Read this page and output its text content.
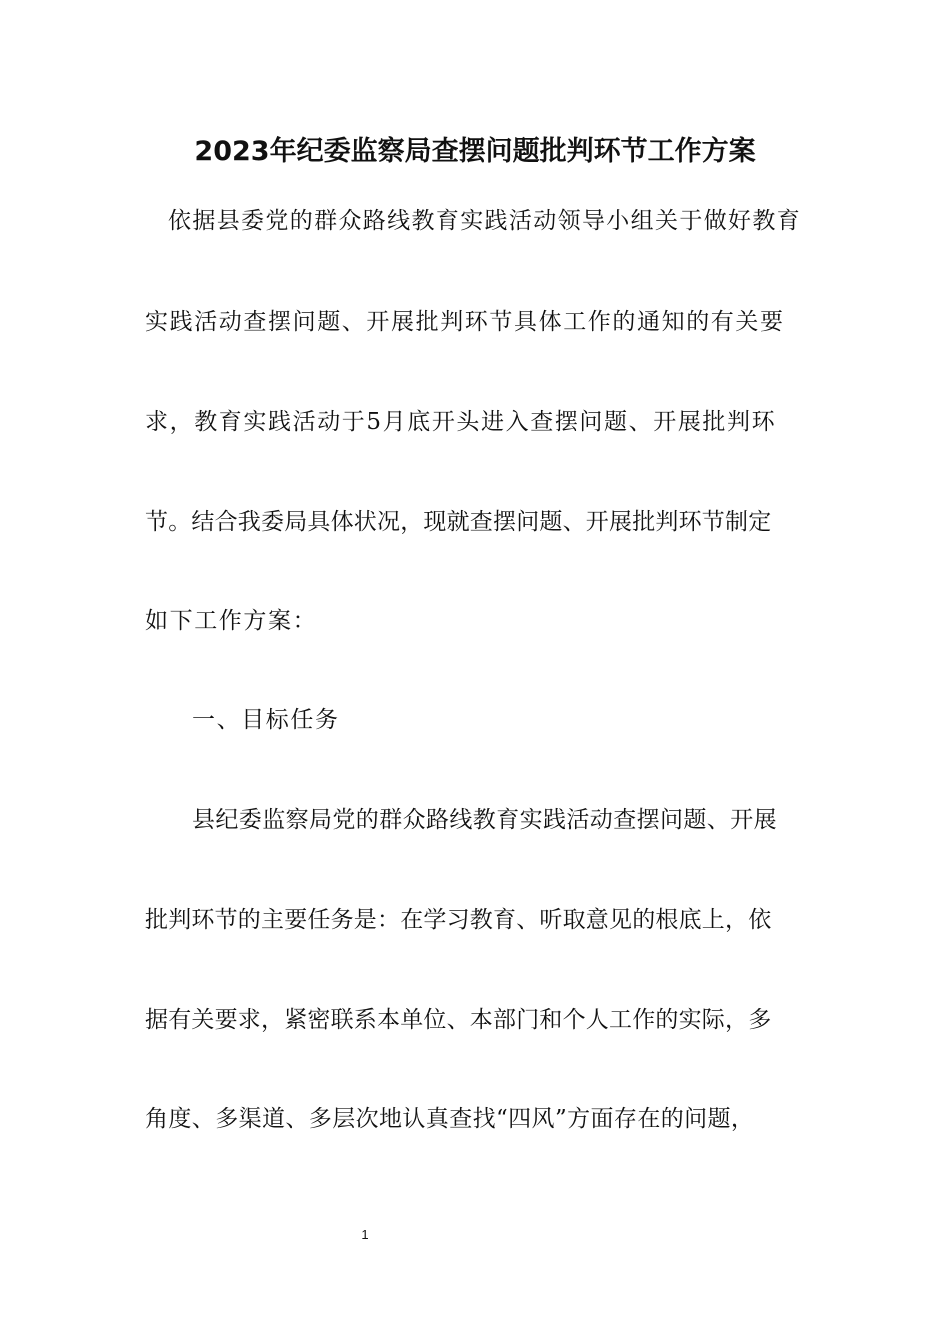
2023年纪委监察局查摆问题批判环节工作方案
依据县委党的群众路线教育实践活动领导小组关于做好教育
实践活动查摆问题、开展批判环节具体工作的通知的有关要
求，教育实践活动于5月底开头进入查摆问题、开展批判环
节。结合我委局具体状况，现就查摆问题、开展批判环节制定
如下工作方案：
一、目标任务
县纪委监察局党的群众路线教育实践活动查摆问题、开展
批判环节的主要任务是：在学习教育、听取意见的根底上，依
据有关要求，紧密联系本单位、本部门和个人工作的实际，多
角度、多渠道、多层次地认真查找“四风”方面存在的问题，
1
